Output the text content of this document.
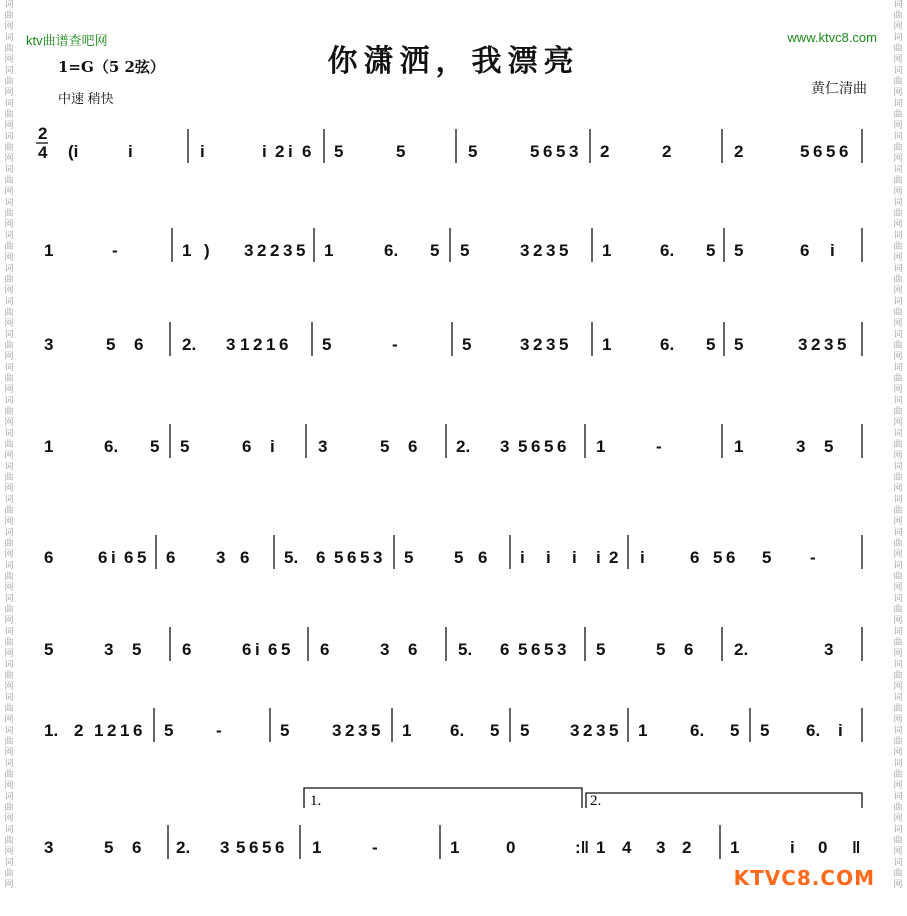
词曲网
词曲网
词曲网
词曲网
词曲网
词曲网
词曲网
词曲网
词曲网
词曲网
词曲网
词曲网
词曲网
词曲网
词曲网
词曲网
词曲网
词曲网
词曲网
词曲网
词曲网
词曲网
词曲网
词曲网
词曲网
词曲网
词曲网
词曲网
词曲网
词曲网
词曲网
词曲网
词曲网
词曲网
词曲网
词曲网
词曲网
词曲网
词曲网
词曲网
词曲网
词曲网
词曲网
词曲网
词曲网
词曲网
词曲网
词曲网
词曲网
词曲网
词曲网
词曲网
词曲网
词曲网
ktv曲谱查吧网	www.ktvc8.com
你潇洒，我漂亮
1=G（5 2弦）
中速 稍快
黄仁清曲
2
4 (i	i	i	i 2 i 6 5	5	5	5 6 5 3 2	2	2	5 6 5 6
1	-	1 ) 3 2 2 3 5 1	6. 5 5	3 2 3 5 1	6. 5 5	6 i
3	5 6 2. 3 1 2 1 6 5	-	5	3 2 3 5 1	6. 5 5	3 2 3 5
1	6. 5 5	6 i	3	5 6 2. 3 5 6 5 6 1	-	1	3 5
6	6 i 6 5 6 3 6 5. 6 5 6 5 3 5 5 6 i i i i 2 i	6 5 6 5 -
5	3 5 6	6 i 6 5 6	3 6 5. 6 5 6 5 3 5	5 6 2.	3
1. 2 1 2 1 6 5	-	5	3 2 3 5 1 6. 5 5 3 2 3 5 1	6. 5 5 6. i
3	5 6 2. 3 5 6 5 6 1	-	1	0	:‖ 1 4 3 2 1	i 0 ‖
1.	2.
KTVC8.COM
